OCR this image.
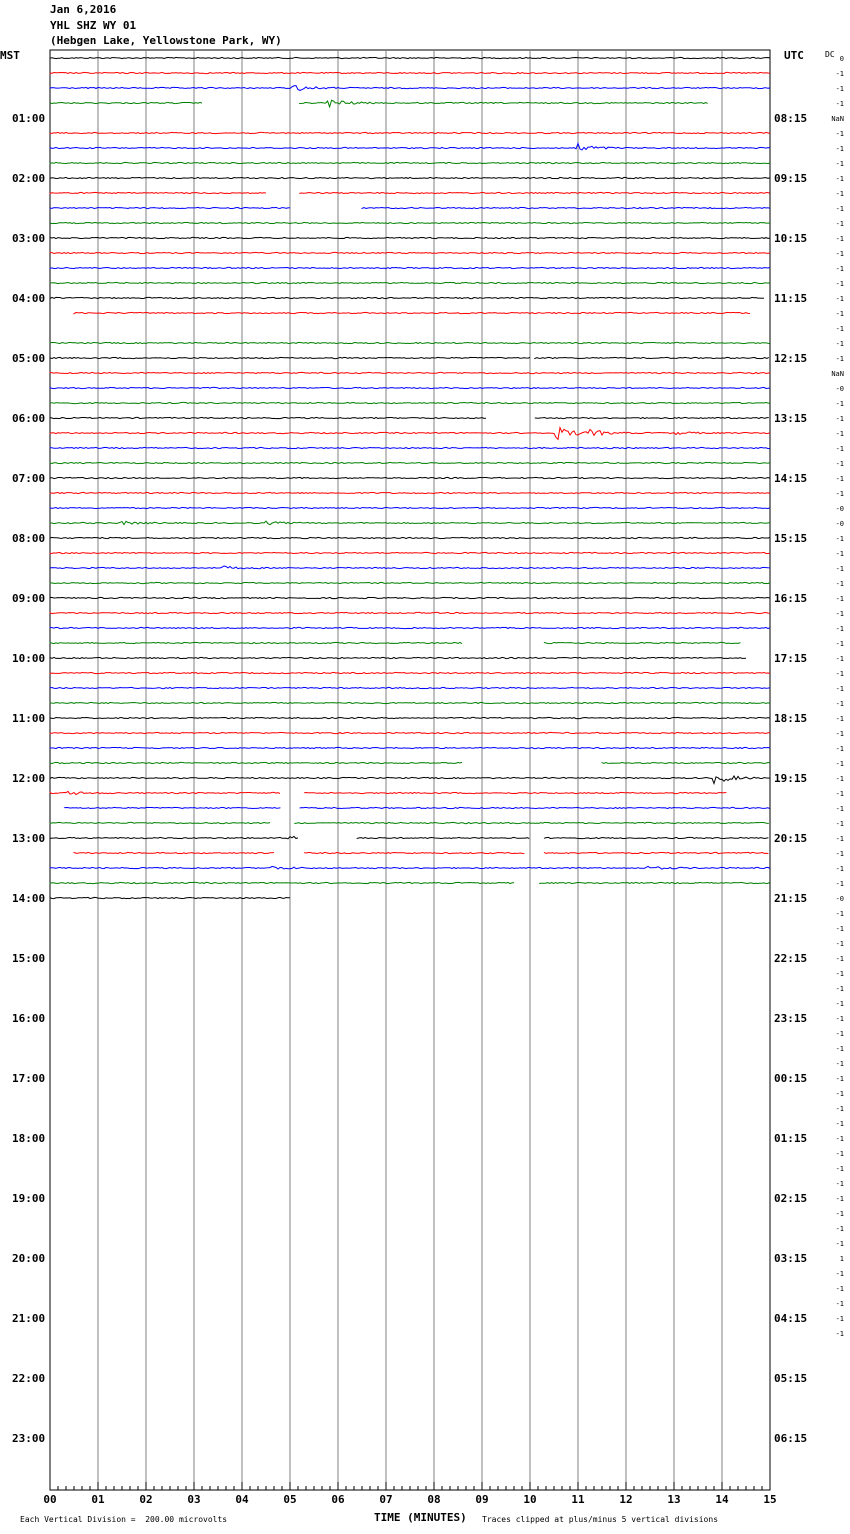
01:00	08:15
02:00	09:15
03:00	10:15
04:00	11:15
05:00	12:15
06:00	13:15
07:00	14:15
08:00	15:15
09:00	16:15
10:00	17:15
11:00	18:15
12:00	19:15
13:00	20:15
14:00	21:15
15:00	22:15
16:00	23:15
17:00	00:15
18:00	01:15
19:00	02:15
20:00	03:15
21:00	04:15
22:00	05:15
23:00	06:15
0
-1
-1
-1
NaN
-1
-1
-1
-1
-1
-1
-1
-1
-1
-1
-1
-1
-1
-1
-1
-1
NaN
-0
-1
-1
-1
-1
-1
-1
-1
-0
-0
-1
-1
-1
-1
-1
-1
-1
-1
-1
-1
-1
-1
-1
-1
-1
-1
-1
-1
-1
-1
-1
-1
-1
-1
-0
-1
-1
-1
-1
-1
-1
-1
-1
-1
-1
-1
-1
-1
-1
-1
-1
-1
-1
-1
-1
-1
-1
-1
1
-1
-1
-1
-1
-1
00	01	02	03	04	05	06	07	08	09	10	11	12	13	14	15
Jan 6,2016
YHL SHZ WY 01
(Hebgen Lake, Yellowstone Park, WY)
MST	UTC	DC
TIME (MINUTES)
Each Vertical Division =  200.00 microvolts	Traces clipped at plus/minus 5 vertical divisions
